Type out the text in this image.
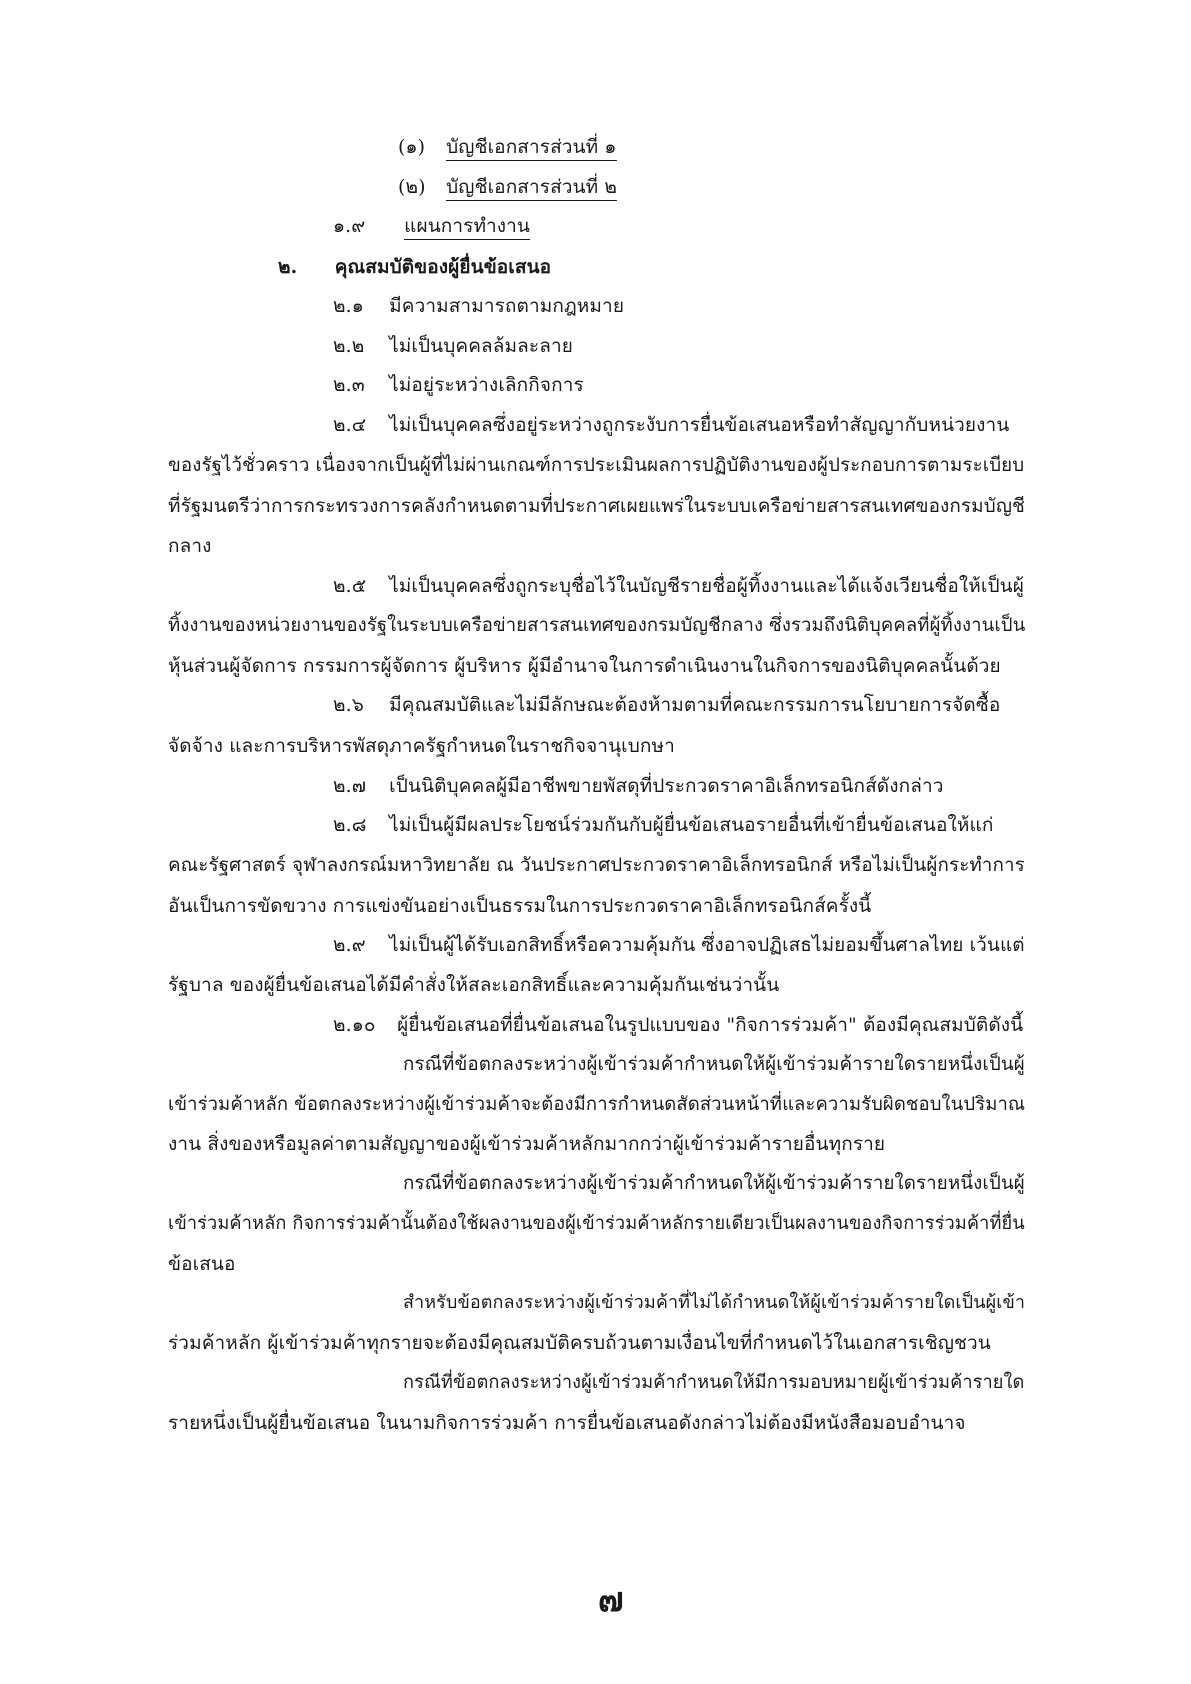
(๑) บัญชีเอกสารส่วนที่ ๑
(๒) บัญชีเอกสารส่วนที่ ๒
๑.๙ แผนการทำงาน
๒. คุณสมบัติของผู้ยื่นข้อเสนอ
๒.๑ มีความสามารถตามกฎหมาย
๒.๒ ไม่เป็นบุคคลล้มละลาย
๒.๓ ไม่อยู่ระหว่างเลิกกิจการ
๒.๔ ไม่เป็นบุคคลซึ่งอยู่ระหว่างถูกระงับการยื่นข้อเสนอหรือทำสัญญากับหน่วยงาน
ของรัฐไว้ชั่วคราว เนื่องจากเป็นผู้ที่ไม่ผ่านเกณฑ์การประเมินผลการปฏิบัติงานของผู้ประกอบการตามระเบียบ
ที่รัฐมนตรีว่าการกระทรวงการคลังกำหนดตามที่ประกาศเผยแพร่ในระบบเครือข่ายสารสนเทศของกรมบัญชี
กลาง
๒.๕ ไม่เป็นบุคคลซึ่งถูกระบุชื่อไว้ในบัญชีรายชื่อผู้ทิ้งงานและได้แจ้งเวียนชื่อให้เป็นผู้
ทิ้งงานของหน่วยงานของรัฐในระบบเครือข่ายสารสนเทศของกรมบัญชีกลาง ซึ่งรวมถึงนิติบุคคลที่ผู้ทิ้งงานเป็น
หุ้นส่วนผู้จัดการ กรรมการผู้จัดการ ผู้บริหาร ผู้มีอำนาจในการดำเนินงานในกิจการของนิติบุคคลนั้นด้วย
๒.๖ มีคุณสมบัติและไม่มีลักษณะต้องห้ามตามที่คณะกรรมการนโยบายการจัดซื้อ
จัดจ้าง และการบริหารพัสดุภาครัฐกำหนดในราชกิจจานุเบกษา
๒.๗ เป็นนิติบุคคลผู้มีอาชีพขายพัสดุที่ประกวดราคาอิเล็กทรอนิกส์ดังกล่าว
๒.๘ ไม่เป็นผู้มีผลประโยชน์ร่วมกันกับผู้ยื่นข้อเสนอรายอื่นที่เข้ายื่นข้อเสนอให้แก่
คณะรัฐศาสตร์ จุฬาลงกรณ์มหาวิทยาลัย ณ วันประกาศประกวดราคาอิเล็กทรอนิกส์ หรือไม่เป็นผู้กระทำการ
อันเป็นการขัดขวาง การแข่งขันอย่างเป็นธรรมในการประกวดราคาอิเล็กทรอนิกส์ครั้งนี้
๒.๙ ไม่เป็นผู้ได้รับเอกสิทธิ์หรือความคุ้มกัน ซึ่งอาจปฏิเสธไม่ยอมขึ้นศาลไทย เว้นแต่
รัฐบาล ของผู้ยื่นข้อเสนอได้มีคำสั่งให้สละเอกสิทธิ์และความคุ้มกันเช่นว่านั้น
๒.๑๐ ผู้ยื่นข้อเสนอที่ยื่นข้อเสนอในรูปแบบของ "กิจการร่วมค้า" ต้องมีคุณสมบัติดังนี้
กรณีที่ข้อตกลงระหว่างผู้เข้าร่วมค้ากำหนดให้ผู้เข้าร่วมค้ารายใดรายหนึ่งเป็นผู้
เข้าร่วมค้าหลัก ข้อตกลงระหว่างผู้เข้าร่วมค้าจะต้องมีการกำหนดสัดส่วนหน้าที่และความรับผิดชอบในปริมาณ
งาน สิ่งของหรือมูลค่าตามสัญญาของผู้เข้าร่วมค้าหลักมากกว่าผู้เข้าร่วมค้ารายอื่นทุกราย
กรณีที่ข้อตกลงระหว่างผู้เข้าร่วมค้ากำหนดให้ผู้เข้าร่วมค้ารายใดรายหนึ่งเป็นผู้
เข้าร่วมค้าหลัก กิจการร่วมค้านั้นต้องใช้ผลงานของผู้เข้าร่วมค้าหลักรายเดียวเป็นผลงานของกิจการร่วมค้าที่ยื่น
ข้อเสนอ
สำหรับข้อตกลงระหว่างผู้เข้าร่วมค้าที่ไม่ได้กำหนดให้ผู้เข้าร่วมค้ารายใดเป็นผู้เข้า
ร่วมค้าหลัก ผู้เข้าร่วมค้าทุกรายจะต้องมีคุณสมบัติครบถ้วนตามเงื่อนไขที่กำหนดไว้ในเอกสารเชิญชวน
กรณีที่ข้อตกลงระหว่างผู้เข้าร่วมค้ากำหนดให้มีการมอบหมายผู้เข้าร่วมค้ารายใด
รายหนึ่งเป็นผู้ยื่นข้อเสนอ ในนามกิจการร่วมค้า การยื่นข้อเสนอดังกล่าวไม่ต้องมีหนังสือมอบอำนาจ
๗
